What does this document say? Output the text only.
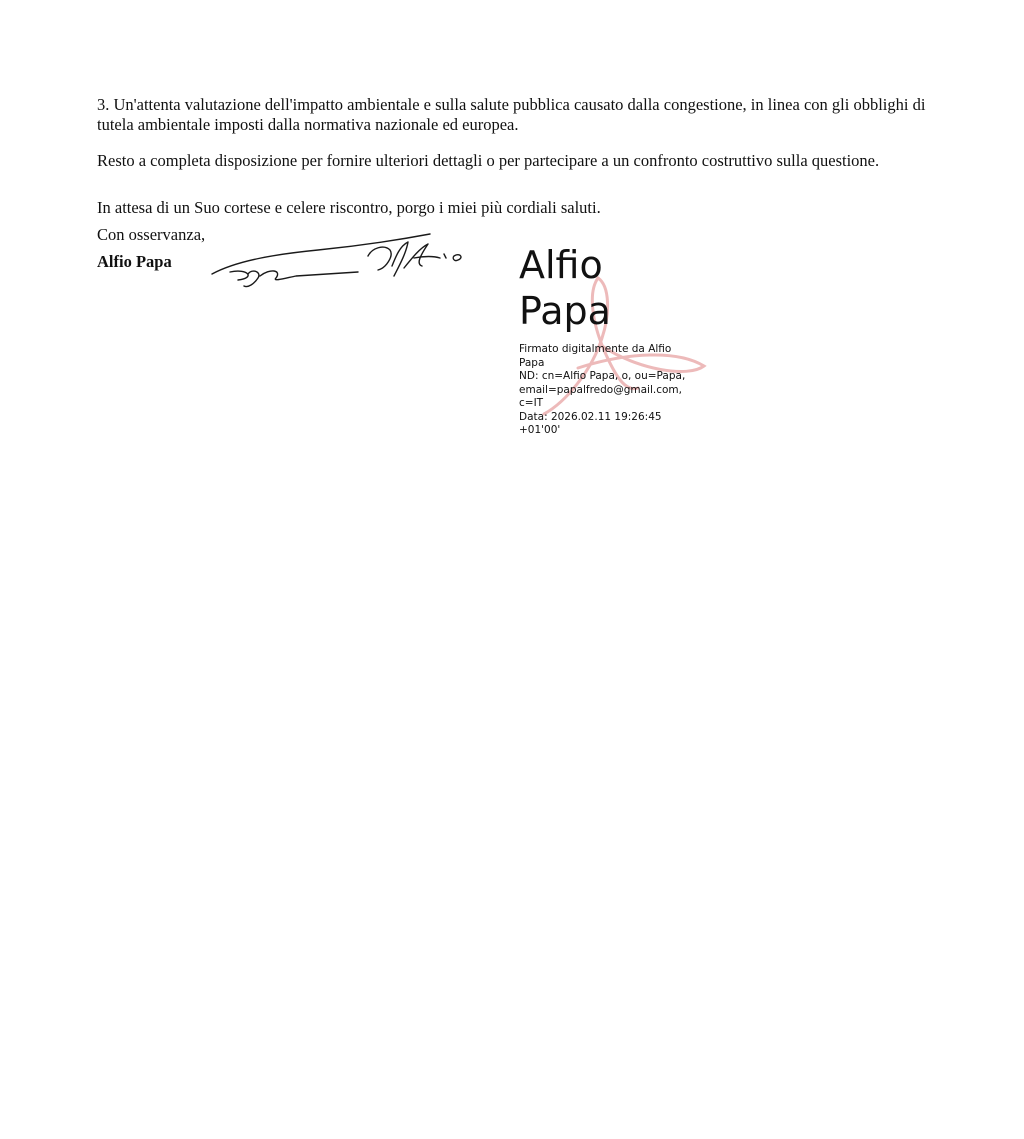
3. Un'attenta valutazione dell'impatto ambientale e sulla salute pubblica causato dalla congestione, in linea con gli obblighi di tutela ambientale imposti dalla normativa nazionale ed europea.

Resto a completa disposizione per fornire ulteriori dettagli o per partecipare a un confronto costruttivo sulla questione.

In attesa di un Suo cortese e celere riscontro, porgo i miei più cordiali saluti.

Con osservanza,

Alfio Papa	Alfio
Papa
Firmato digitalmente da Alfio
Papa
ND: cn=Alfio Papa, o, ou=Papa,
email=papalfredo@gmail.com,
c=IT
Data: 2026.02.11 19:26:45
+01'00'
